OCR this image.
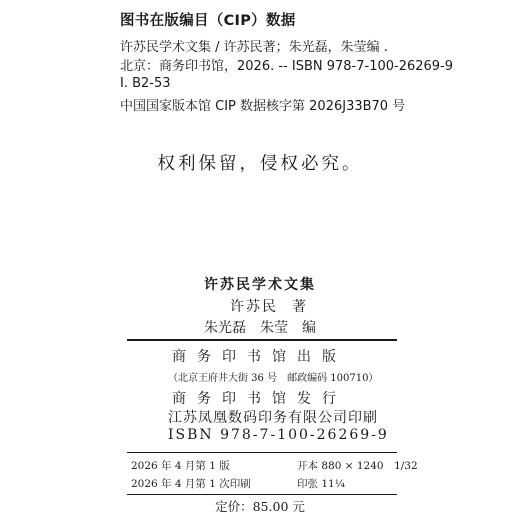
图书在版编目（CIP）数据
许苏民学术文集 / 许苏民著；朱光磊，朱莹编 .
北京：商务印书馆，2026. -- ISBN 978-7-100-26269-9
I. B2-53
中国国家版本馆 CIP 数据核字第 2026J33B70 号
权利保留，侵权必究。
许苏民学术文集
许苏民 著
朱光磊　朱莹 编
商务印书馆出版
（北京王府井大街 36 号　邮政编码 100710）
商务印书馆发行
江苏凤凰数码印务有限公司印刷
ISBN 978-7-100-26269-9
2026 年 4 月第 1 版	开本 880 × 1240　1/32
2026 年 4 月第 1 次印刷	印张 11¼
定价：85.00 元
